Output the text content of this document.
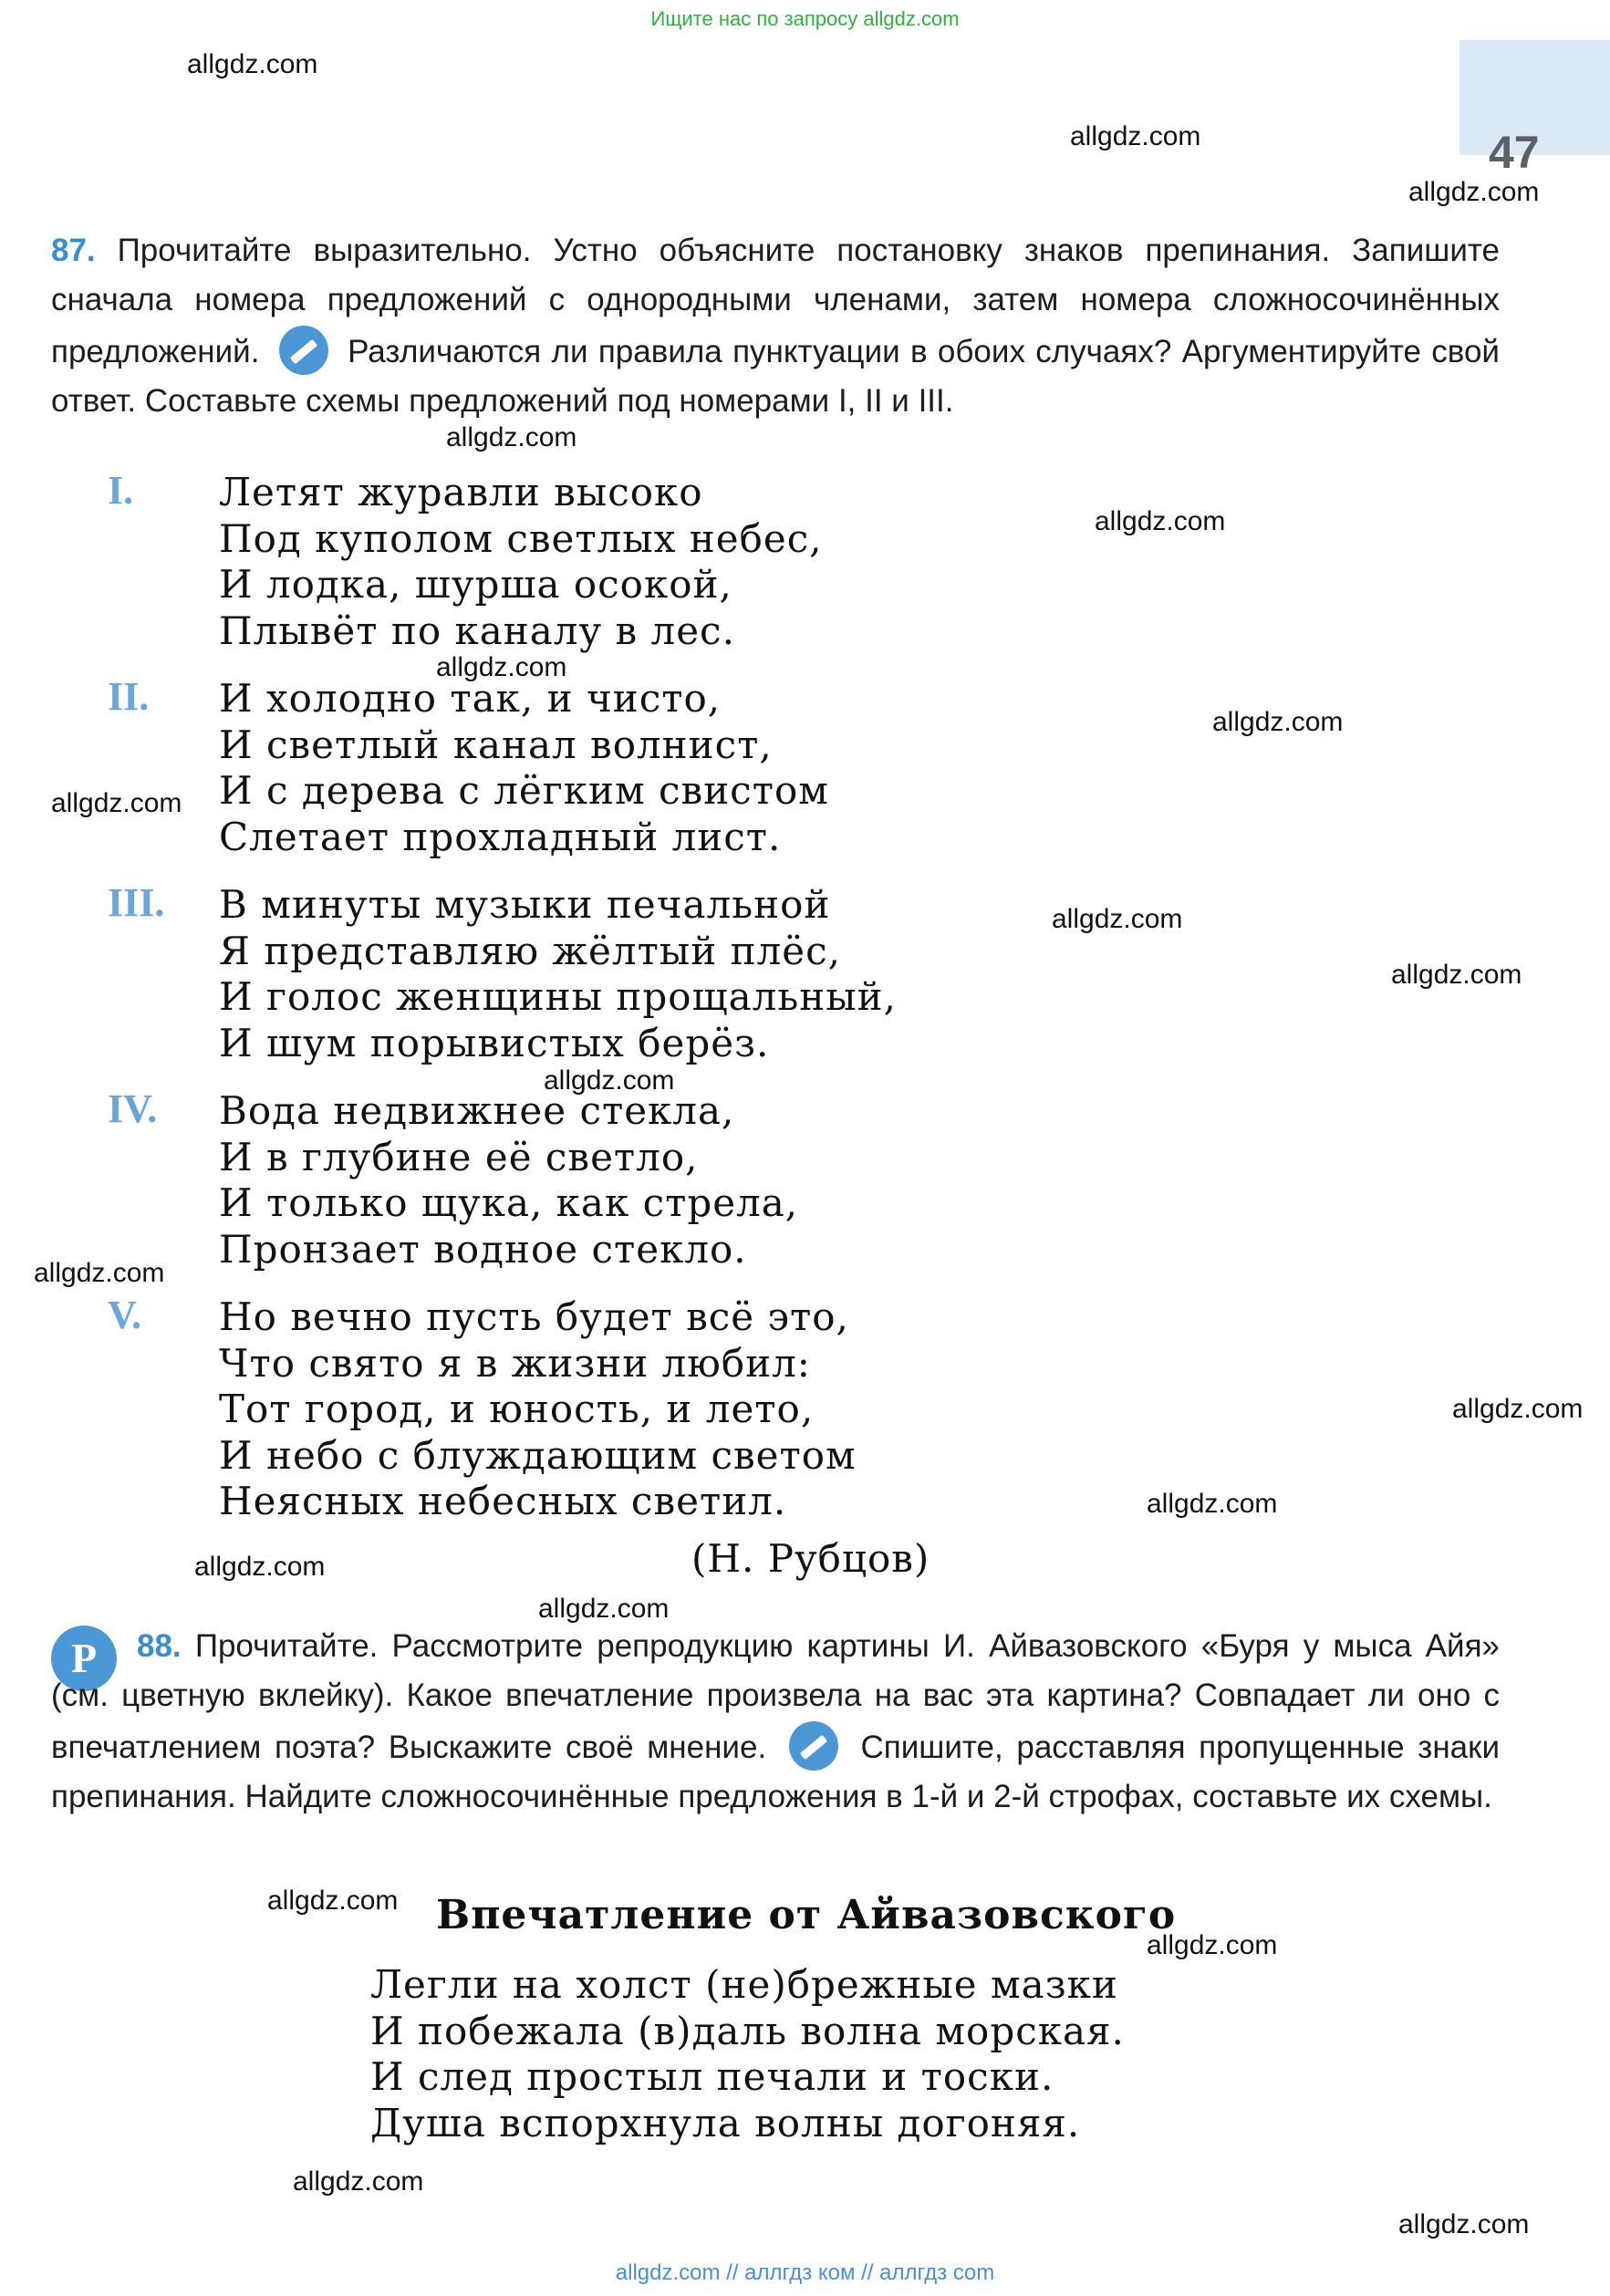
Ищите нас по запросу allgdz.com
47
allgdz.com
allgdz.com
allgdz.com
allgdz.com
allgdz.com
allgdz.com
allgdz.com
allgdz.com
allgdz.com
allgdz.com
allgdz.com
allgdz.com
allgdz.com
allgdz.com
allgdz.com
allgdz.com
allgdz.com
allgdz.com
allgdz.com
allgdz.com
87. Прочитайте выразительно. Устно объясните постановку знаков препинания. Запишите сначала номера предложений с однородными членами, затем номера сложносочинённых предложений.	Различаются ли правила пунктуации в обоих случаях? Аргументируйте свой ответ. Составьте схемы предложений под номерами I, II и III.
I. Летят журавли высоко
Под куполом светлых небес,
И лодка, шурша осокой,
Плывёт по каналу в лес.
II. И холодно так, и чисто,
И светлый канал волнист,
И с дерева с лёгким свистом
Слетает прохладный лист.
III. В минуты музыки печальной
Я представляю жёлтый плёс,
И голос женщины прощальный,
И шум порывистых берёз.
IV. Вода недвижнее стекла,
И в глубине её светло,
И только щука, как стрела,
Пронзает водное стекло.
V. Но вечно пусть будет всё это,
Что свято я в жизни любил:
Тот город, и юность, и лето,
И небо с блуждающим светом
Неясных небесных светил.
(Н. Рубцов)
Р	88. Прочитайте. Рассмотрите репродукцию картины И. Айвазовского «Буря у мыса Айя» (см. цветную вклейку). Какое впечатление произвела на вас эта картина? Совпадает ли оно с впечатлением поэта? Выскажите своё мнение.	Спишите, расставляя пропущенные знаки препинания. Найдите сложносочинённые предложения в 1-й и 2-й строфах, составьте их схемы.
Впечатление от Айвазовского
Легли на холст (не)брежные мазки
И побежала (в)даль волна морская.
И след простыл печали и тоски.
Душа вспорхнула волны догоняя.
allgdz.com // аллгдз ком // аллгдз com
